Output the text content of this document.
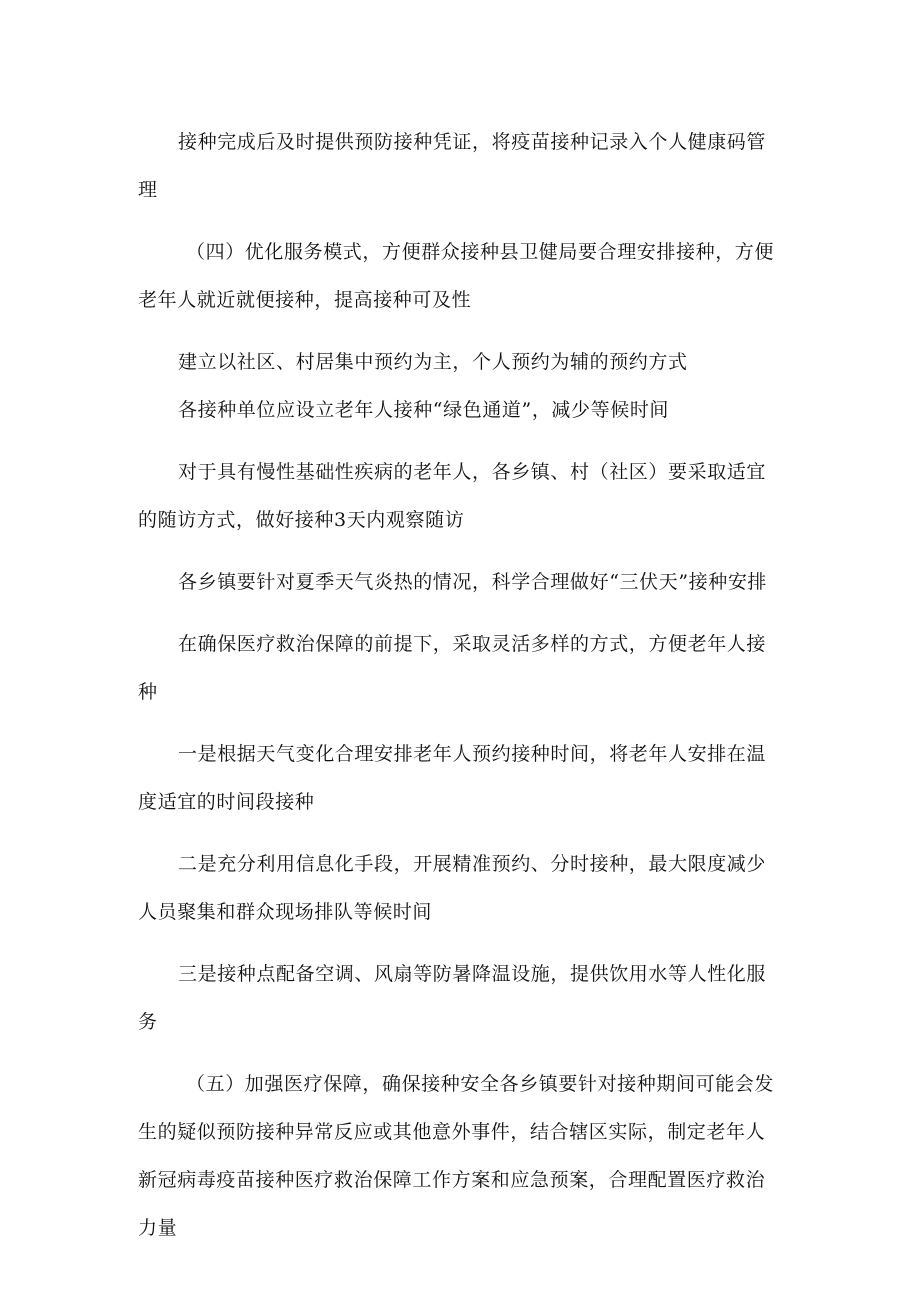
接种完成后及时提供预防接种凭证，将疫苗接种记录入个人健康码管理

（四）优化服务模式，方便群众接种县卫健局要合理安排接种，方便老年人就近就便接种，提高接种可及性

建立以社区、村居集中预约为主，个人预约为辅的预约方式

各接种单位应设立老年人接种“绿色通道”，减少等候时间

对于具有慢性基础性疾病的老年人，各乡镇、村（社区）要采取适宜的随访方式，做好接种3天内观察随访

各乡镇要针对夏季天气炎热的情况，科学合理做好“三伏天”接种安排

在确保医疗救治保障的前提下，采取灵活多样的方式，方便老年人接种

一是根据天气变化合理安排老年人预约接种时间，将老年人安排在温度适宜的时间段接种

二是充分利用信息化手段，开展精准预约、分时接种，最大限度减少人员聚集和群众现场排队等候时间

三是接种点配备空调、风扇等防暑降温设施，提供饮用水等人性化服务

（五）加强医疗保障，确保接种安全各乡镇要针对接种期间可能会发生的疑似预防接种异常反应或其他意外事件，结合辖区实际，制定老年人新冠病毒疫苗接种医疗救治保障工作方案和应急预案，合理配置医疗救治力量
